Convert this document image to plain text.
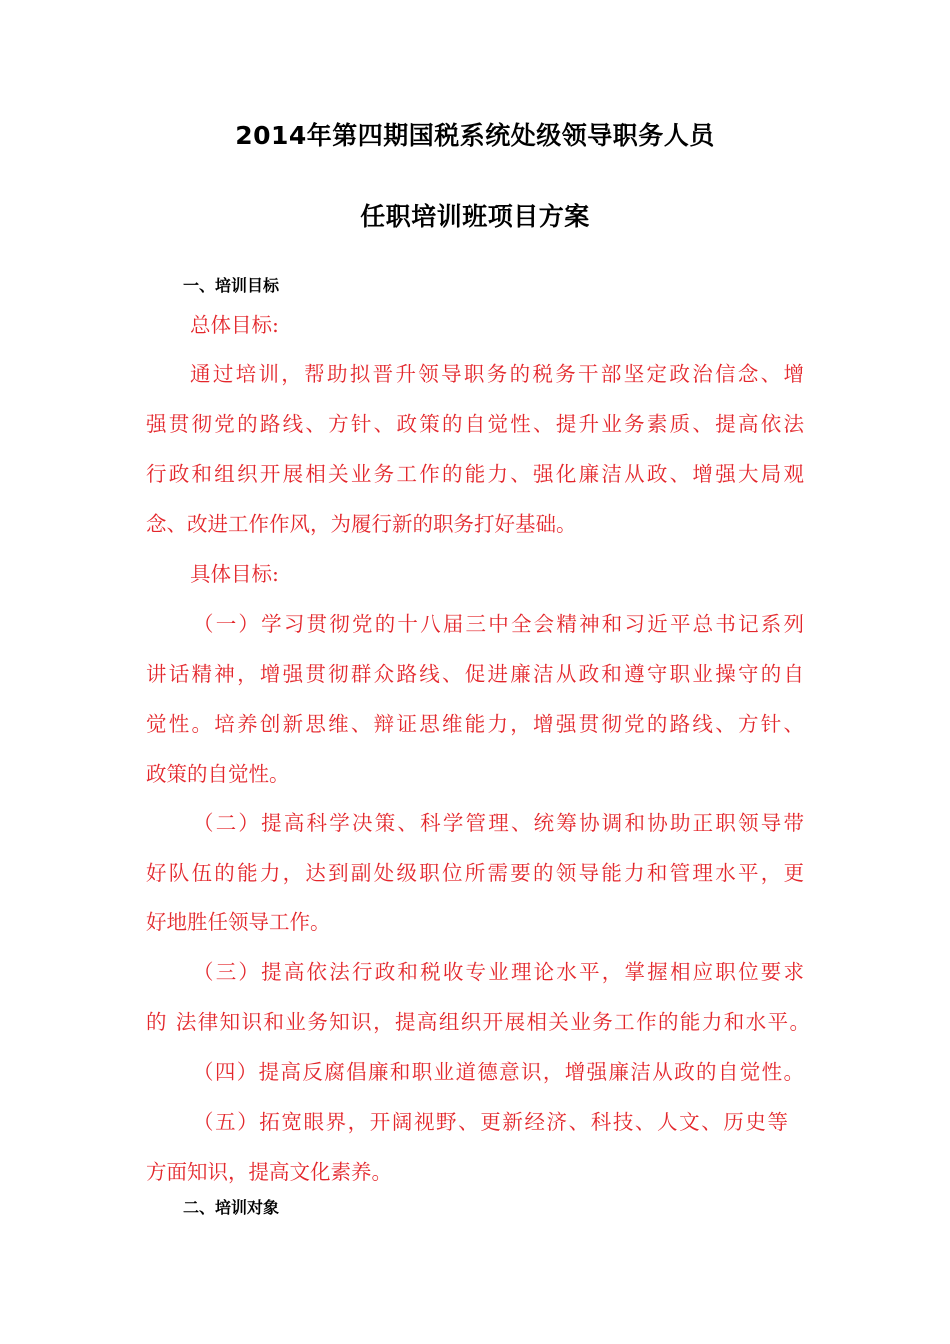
2014年第四期国税系统处级领导职务人员
任职培训班项目方案
一、培训目标
总体目标:
通过培训，帮助拟晋升领导职务的税务干部坚定政治信念、增
强贯彻党的路线、方针、政策的自觉性、提升业务素质、提高依法
行政和组织开展相关业务工作的能力、强化廉洁从政、增强大局观
念、改进工作作风，为履行新的职务打好基础。
具体目标:
（一）学习贯彻党的十八届三中全会精神和习近平总书记系列
讲话精神，增强贯彻群众路线、促进廉洁从政和遵守职业操守的自
觉性。培养创新思维、辩证思维能力，增强贯彻党的路线、方针、
政策的自觉性。
（二）提高科学决策、科学管理、统筹协调和协助正职领导带
好队伍的能力，达到副处级职位所需要的领导能力和管理水平，更
好地胜任领导工作。
（三）提高依法行政和税收专业理论水平，掌握相应职位要求
的 法律知识和业务知识，提高组织开展相关业务工作的能力和水平。
（四）提高反腐倡廉和职业道德意识，增强廉洁从政的自觉性。
（五）拓宽眼界，开阔视野、更新经济、科技、人文、历史等
方面知识，提高文化素养。
二、培训对象
